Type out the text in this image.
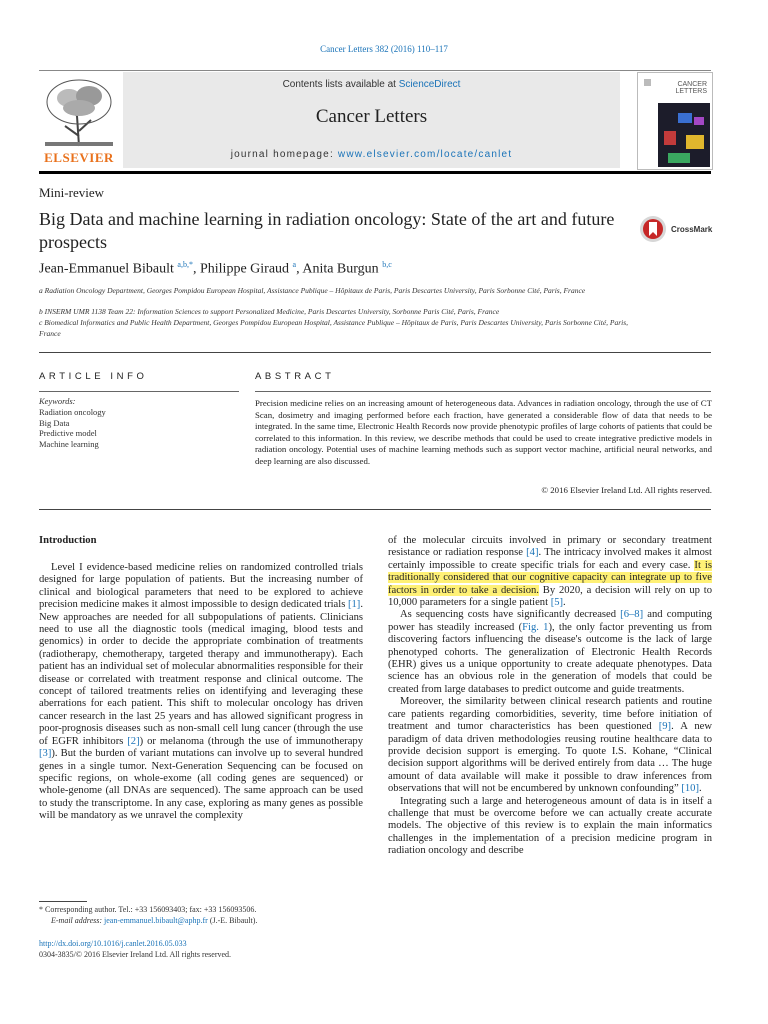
Cancer Letters 382 (2016) 110–117
ELSEVIER
Contents lists available at ScienceDirect
Cancer Letters
journal homepage: www.elsevier.com/locate/canlet
CANCER
LETTERS
Mini-review
Big Data and machine learning in radiation oncology: State of the art and future prospects
CrossMark
Jean-Emmanuel Bibault $^{a,b,*}$, Philippe Giraud $^a$, Anita Burgun $^{b,c}$
a Radiation Oncology Department, Georges Pompidou European Hospital, Assistance Publique – Hôpitaux de Paris, Paris Descartes University, Paris Sorbonne Cité, Paris, France
b INSERM UMR 1138 Team 22: Information Sciences to support Personalized Medicine, Paris Descartes University, Sorbonne Paris Cité, Paris, France
c Biomedical Informatics and Public Health Department, Georges Pompidou European Hospital, Assistance Publique – Hôpitaux de Paris, Paris Descartes University, Paris Sorbonne Cité, Paris, France
ARTICLE INFO	ABSTRACT
Keywords:
Radiation oncology
Big Data
Predictive model
Machine learning
Precision medicine relies on an increasing amount of heterogeneous data. Advances in radiation oncology, through the use of CT Scan, dosimetry and imaging performed before each fraction, have generated a considerable flow of data that needs to be integrated. In the same time, Electronic Health Records now provide phenotypic profiles of large cohorts of patients that could be correlated to this information. In this review, we describe methods that could be used to create integrative predictive models in radiation oncology. Potential uses of machine learning methods such as support vector machine, artificial neural networks, and deep learning are also discussed.
© 2016 Elsevier Ireland Ltd. All rights reserved.
Introduction

Level I evidence-based medicine relies on randomized controlled trials designed for large population of patients. But the increasing number of clinical and biological parameters that need to be explored to achieve precision medicine makes it almost impossible to design dedicated trials [1]. New approaches are needed for all subpopulations of patients. Clinicians need to use all the diagnostic tools (medical imaging, blood tests and genomics) in order to decide the appropriate combination of treatments (radiotherapy, chemotherapy, targeted therapy and immunotherapy). Each patient has an individual set of molecular abnormalities responsible for their disease or correlated with treatment response and clinical outcome. The concept of tailored treatments relies on identifying and leveraging these aberrations for each patient. This shift to molecular oncology has driven cancer research in the last 25 years and has allowed significant progress in poor-prognosis diseases such as non-small cell lung cancer (through the use of EGFR inhibitors [2]) or melanoma (through the use of immunotherapy [3]). But the burden of variant mutations can involve up to several hundred genes in a single tumor. Next-Generation Sequencing can be focused on specific regions, on whole-exome (all coding genes are sequenced) or whole-genome (all DNAs are sequenced). The same approach can be used to study the transcriptome. In any case, exploring as many genes as possible will be mandatory as we unravel the complexity

of the molecular circuits involved in primary or secondary treatment resistance or radiation response [4]. The intricacy involved makes it almost certainly impossible to create specific trials for each and every case. It is traditionally considered that our cognitive capacity can integrate up to five factors in order to take a decision. By 2020, a decision will rely on up to 10,000 parameters for a single patient [5].

As sequencing costs have significantly decreased [6–8] and computing power has steadily increased (Fig. 1), the only factor preventing us from discovering factors influencing the disease's outcome is the lack of large phenotyped cohorts. The generalization of Electronic Health Records (EHR) gives us a unique opportunity to create adequate phenotypes. Data science has an obvious role in the generation of models that could be created from large databases to predict outcome and guide treatments.

Moreover, the similarity between clinical research patients and routine care patients regarding comorbidities, severity, time before initiation of treatment and tumor characteristics has been questioned [9]. A new paradigm of data driven methodologies reusing routine healthcare data to provide decision support is emerging. To quote I.S. Kohane, “Clinical decision support algorithms will be derived entirely from data … The huge amount of data available will make it possible to draw inferences from observations that will not be encumbered by unknown confounding” [10].

Integrating such a large and heterogeneous amount of data is in itself a challenge that must be overcome before we can actually create accurate models. The objective of this review is to explain the main informatics challenges in the implementation of a precision medicine program in radiation oncology and describe

* Corresponding author. Tel.: +33 156093403; fax: +33 156093506.
E-mail address: jean-emmanuel.bibault@aphp.fr (J.-E. Bibault).
http://dx.doi.org/10.1016/j.canlet.2016.05.033
0304-3835/© 2016 Elsevier Ireland Ltd. All rights reserved.
